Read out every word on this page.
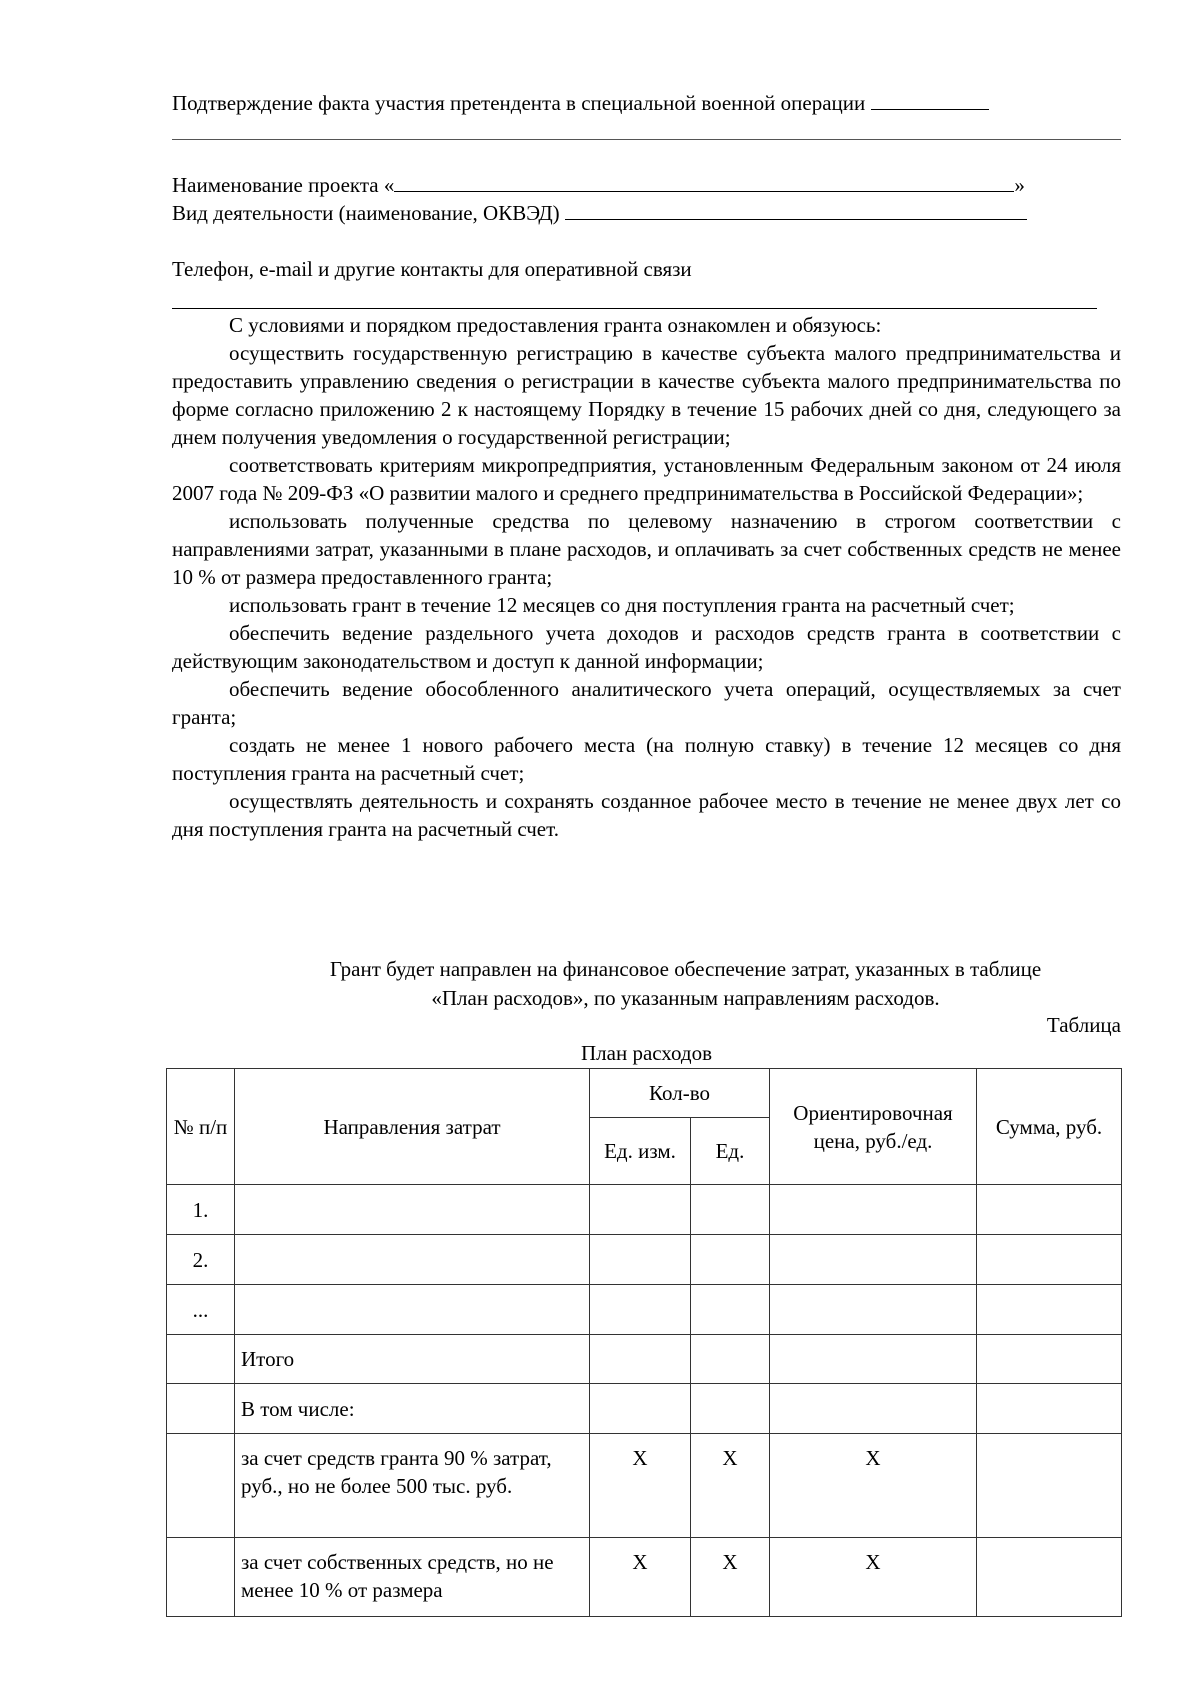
Подтверждение факта участия претендента в специальной военной операции
Наименование проекта «	»
Вид деятельности (наименование, ОКВЭД)
Телефон, e-mail и другие контакты для оперативной связи

С условиями и порядком предоставления гранта ознакомлен и обязуюсь:

осуществить государственную регистрацию в качестве субъекта малого предпринимательства и предоставить управлению сведения о регистрации в качестве субъекта малого предпринимательства по форме согласно приложению 2 к настоящему Порядку в течение 15 рабочих дней со дня, следующего за днем получения уведомления о государственной регистрации;

соответствовать критериям микропредприятия, установленным Федеральным законом от 24 июля 2007 года № 209-ФЗ «О развитии малого и среднего предпринимательства в Российской Федерации»;

использовать полученные средства по целевому назначению в строгом соответствии с направлениями затрат, указанными в плане расходов, и оплачивать за счет собственных средств не менее 10 % от размера предоставленного гранта;

использовать грант в течение 12 месяцев со дня поступления гранта на расчетный счет;

обеспечить ведение раздельного учета доходов и расходов средств гранта в соответствии с действующим законодательством и доступ к данной информации;

обеспечить ведение обособленного аналитического учета операций, осуществляемых за счет гранта;

создать не менее 1 нового рабочего места (на полную ставку) в течение 12 месяцев со дня поступления гранта на расчетный счет;

осуществлять деятельность и сохранять созданное рабочее место в течение не менее двух лет со дня поступления гранта на расчетный счет.

Грант будет направлен на финансовое обеспечение затрат, указанных в таблице
«План расходов», по указанным направлениям расходов.
Таблица
План расходов
№ п/п	Направления затрат	Кол-во		Ориентировочная цена, руб./ед.	Сумма, руб.
		Ед. изм.	Ед.		
1.					
2.					
...					
	Итого				
	В том числе:				
	за счет средств гранта 90 % затрат, руб., но не более 500 тыс. руб.	X	X	X	
	за счет собственных средств, но не менее 10 % от размера	X	X	X	
